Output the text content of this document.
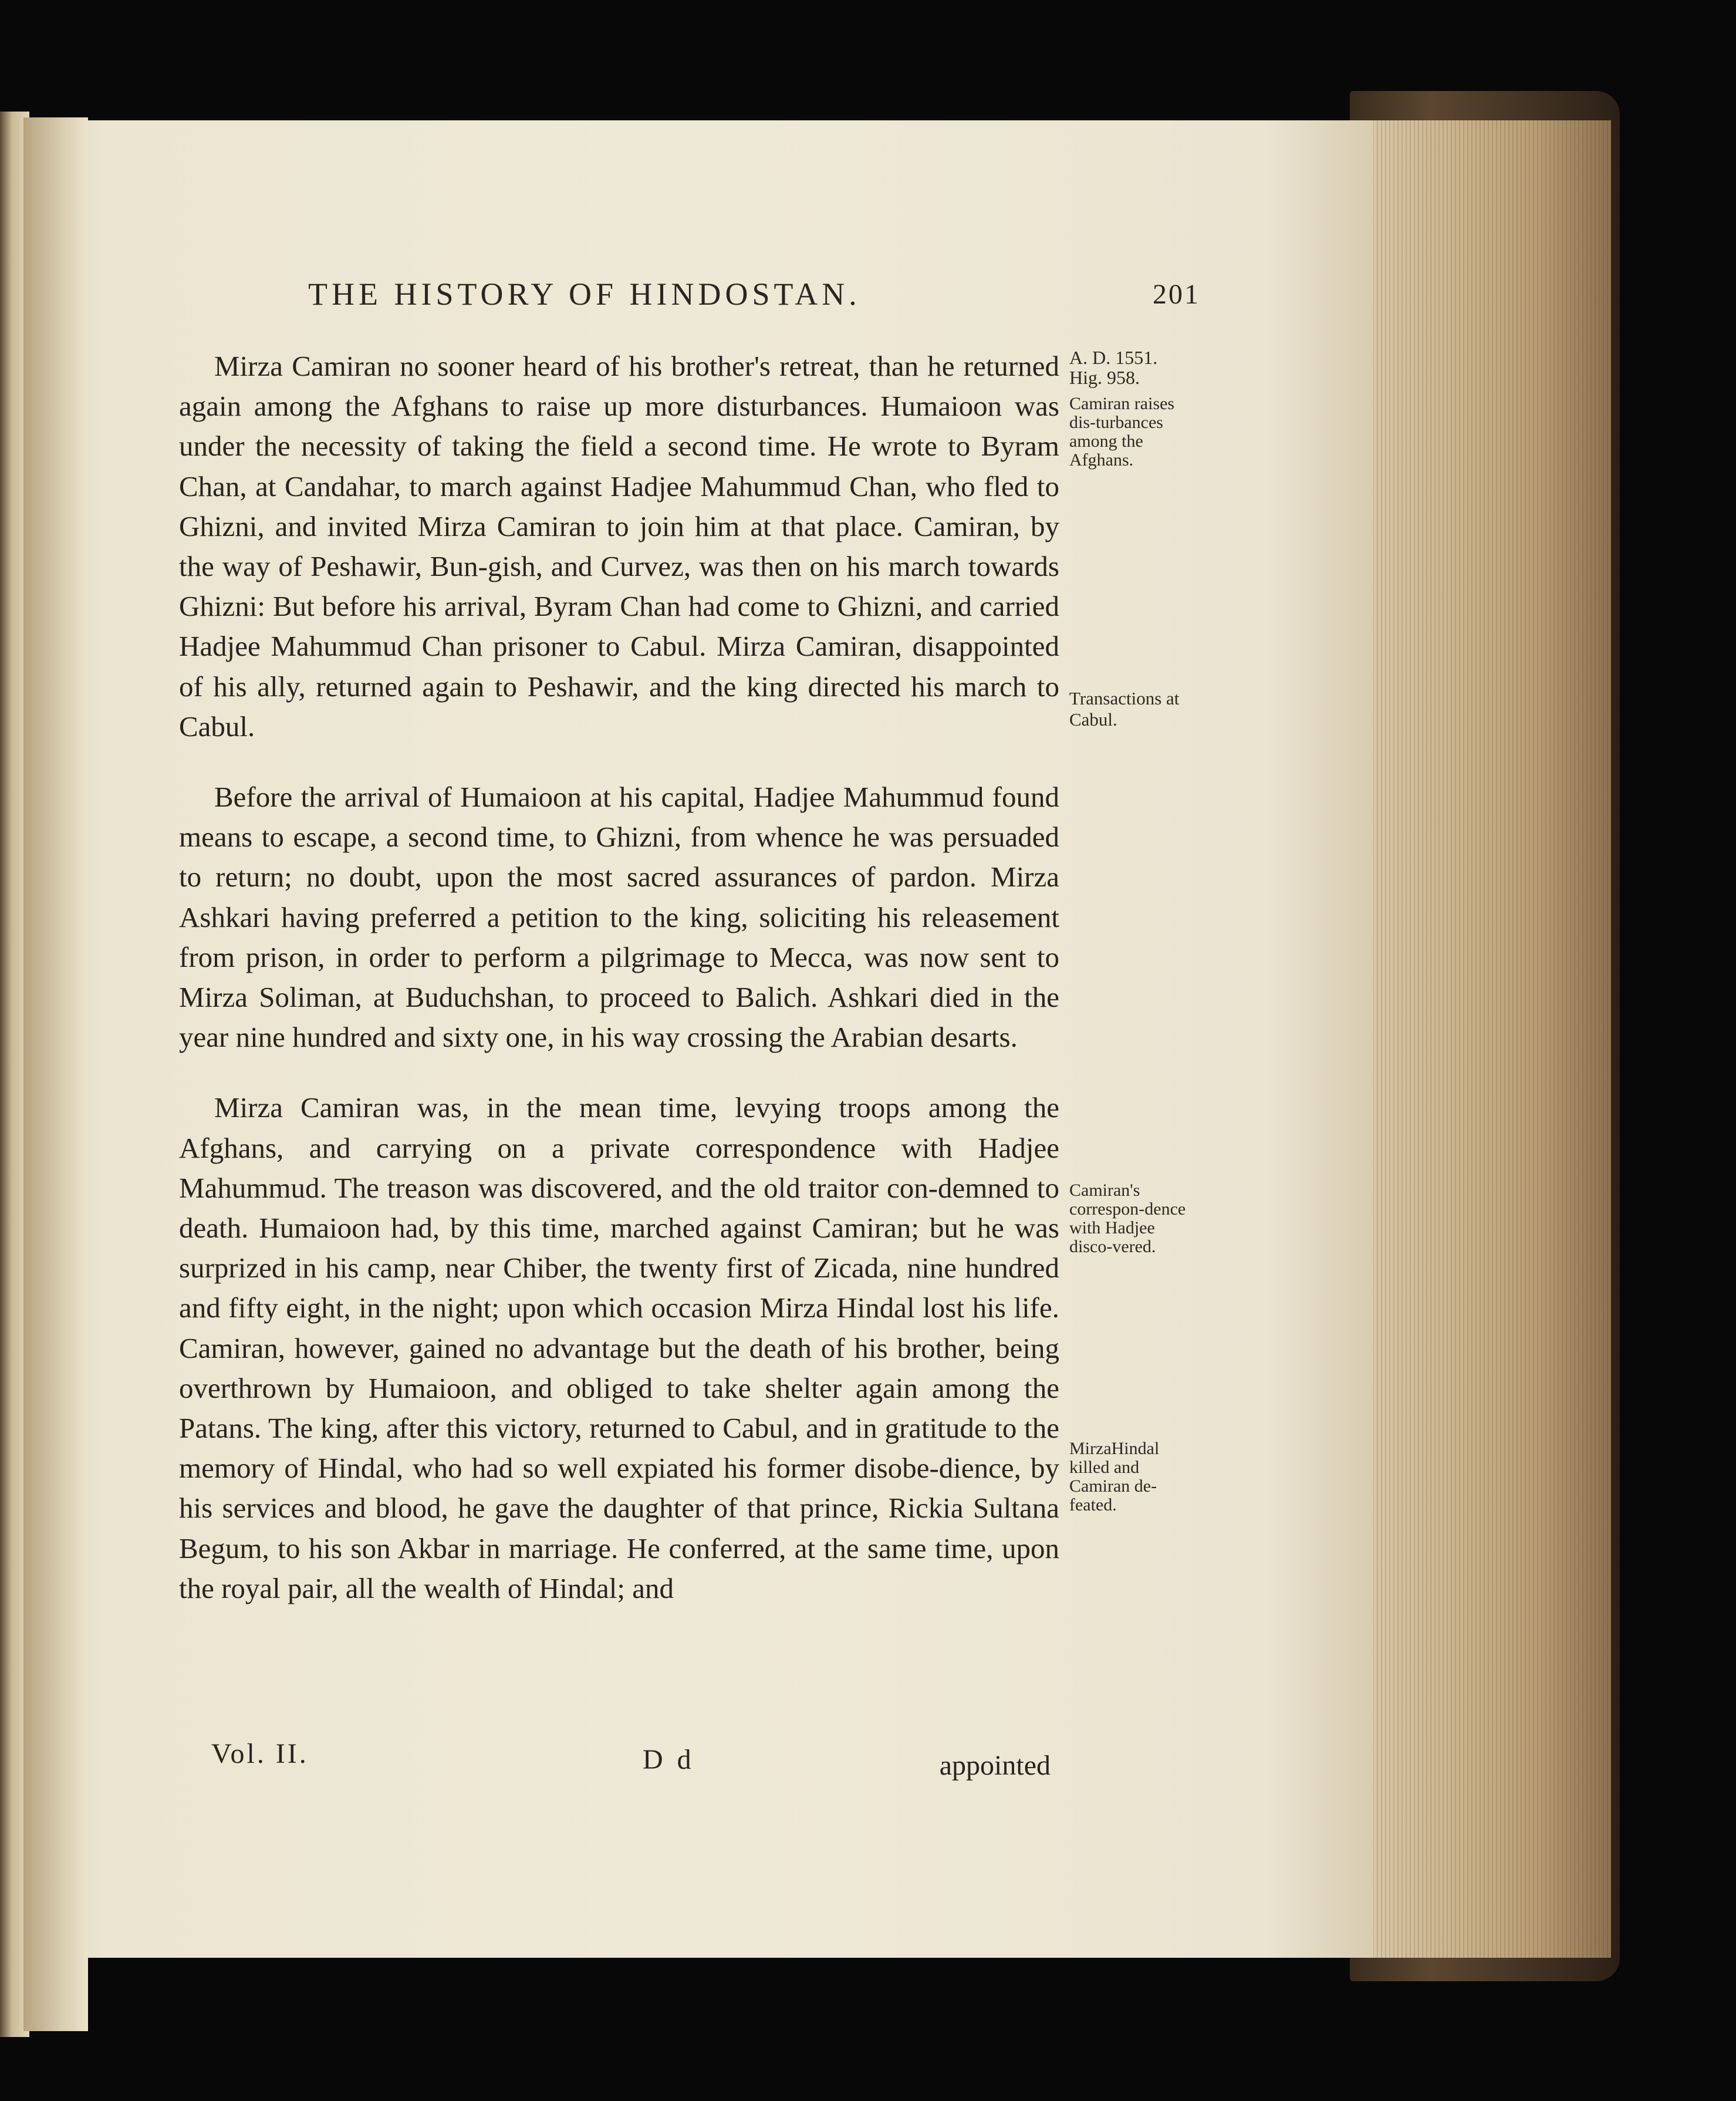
THE HISTORY OF HINDOSTAN.	201

Mirza Camiran no sooner heard of his brother's retreat, than he returned again among the Afghans to raise up more disturbances. Humaioon was under the necessity of taking the field a second time. He wrote to Byram Chan, at Candahar, to march against Hadjee Mahummud Chan, who fled to Ghizni, and invited Mirza Camiran to join him at that place. Camiran, by the way of Peshawir, Bun-gish, and Curvez, was then on his march towards Ghizni: But before his arrival, Byram Chan had come to Ghizni, and carried Hadjee Mahummud Chan prisoner to Cabul. Mirza Camiran, disappointed of his ally, returned again to Peshawir, and the king directed his march to Cabul.

Before the arrival of Humaioon at his capital, Hadjee Mahummud found means to escape, a second time, to Ghizni, from whence he was persuaded to return; no doubt, upon the most sacred assurances of pardon. Mirza Ashkari having preferred a petition to the king, soliciting his releasement from prison, in order to perform a pilgrimage to Mecca, was now sent to Mirza Soliman, at Buduchshan, to proceed to Balich. Ashkari died in the year nine hundred and sixty one, in his way crossing the Arabian desarts.

Mirza Camiran was, in the mean time, levying troops among the Afghans, and carrying on a private correspondence with Hadjee Mahummud. The treason was discovered, and the old traitor con-demned to death. Humaioon had, by this time, marched against Camiran; but he was surprized in his camp, near Chiber, the twenty first of Zicada, nine hundred and fifty eight, in the night; upon which occasion Mirza Hindal lost his life. Camiran, however, gained no advantage but the death of his brother, being overthrown by Humaioon, and obliged to take shelter again among the Patans. The king, after this victory, returned to Cabul, and in gratitude to the memory of Hindal, who had so well expiated his former disobe-dience, by his services and blood, he gave the daughter of that prince, Rickia Sultana Begum, to his son Akbar in marriage. He conferred, at the same time, upon the royal pair, all the wealth of Hindal; and

A. D. 1551.
Hig. 958.
Camiran raises dis-turbances among the Afghans.
Transactions at Cabul.
Camiran's correspon-dence with Hadjee disco-vered.
MirzaHindal killed and Camiran de-feated.
Vol. II.	D d	appointed
